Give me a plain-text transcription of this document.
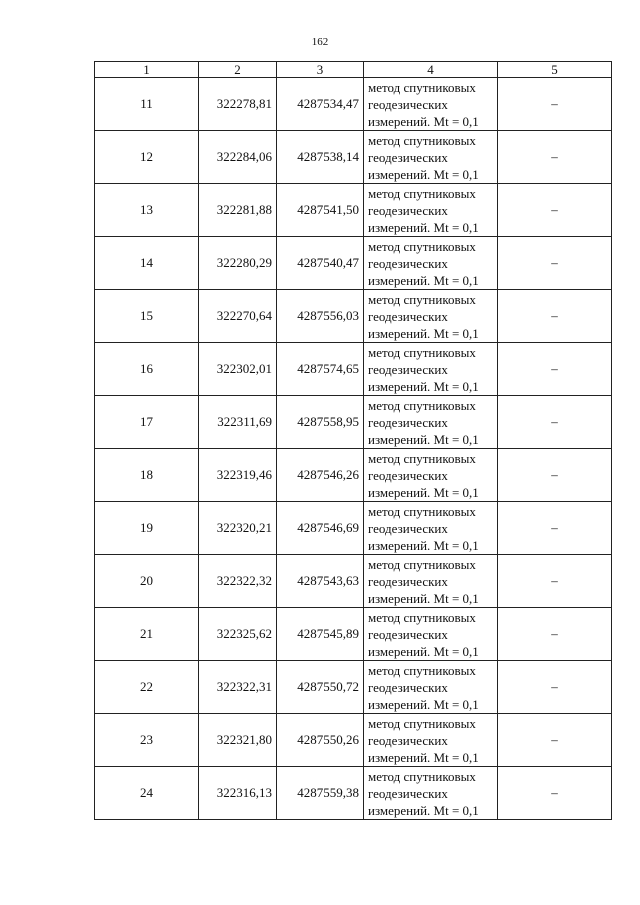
162
1	2	3	4	5
11	322278,81	4287534,47	метод спутниковых
геодезических
измерений. Mt = 0,1	–
12	322284,06	4287538,14	метод спутниковых
геодезических
измерений. Mt = 0,1	–
13	322281,88	4287541,50	метод спутниковых
геодезических
измерений. Mt = 0,1	–
14	322280,29	4287540,47	метод спутниковых
геодезических
измерений. Mt = 0,1	–
15	322270,64	4287556,03	метод спутниковых
геодезических
измерений. Mt = 0,1	–
16	322302,01	4287574,65	метод спутниковых
геодезических
измерений. Mt = 0,1	–
17	322311,69	4287558,95	метод спутниковых
геодезических
измерений. Mt = 0,1	–
18	322319,46	4287546,26	метод спутниковых
геодезических
измерений. Mt = 0,1	–
19	322320,21	4287546,69	метод спутниковых
геодезических
измерений. Mt = 0,1	–
20	322322,32	4287543,63	метод спутниковых
геодезических
измерений. Mt = 0,1	–
21	322325,62	4287545,89	метод спутниковых
геодезических
измерений. Mt = 0,1	–
22	322322,31	4287550,72	метод спутниковых
геодезических
измерений. Mt = 0,1	–
23	322321,80	4287550,26	метод спутниковых
геодезических
измерений. Mt = 0,1	–
24	322316,13	4287559,38	метод спутниковых
геодезических
измерений. Mt = 0,1	–
